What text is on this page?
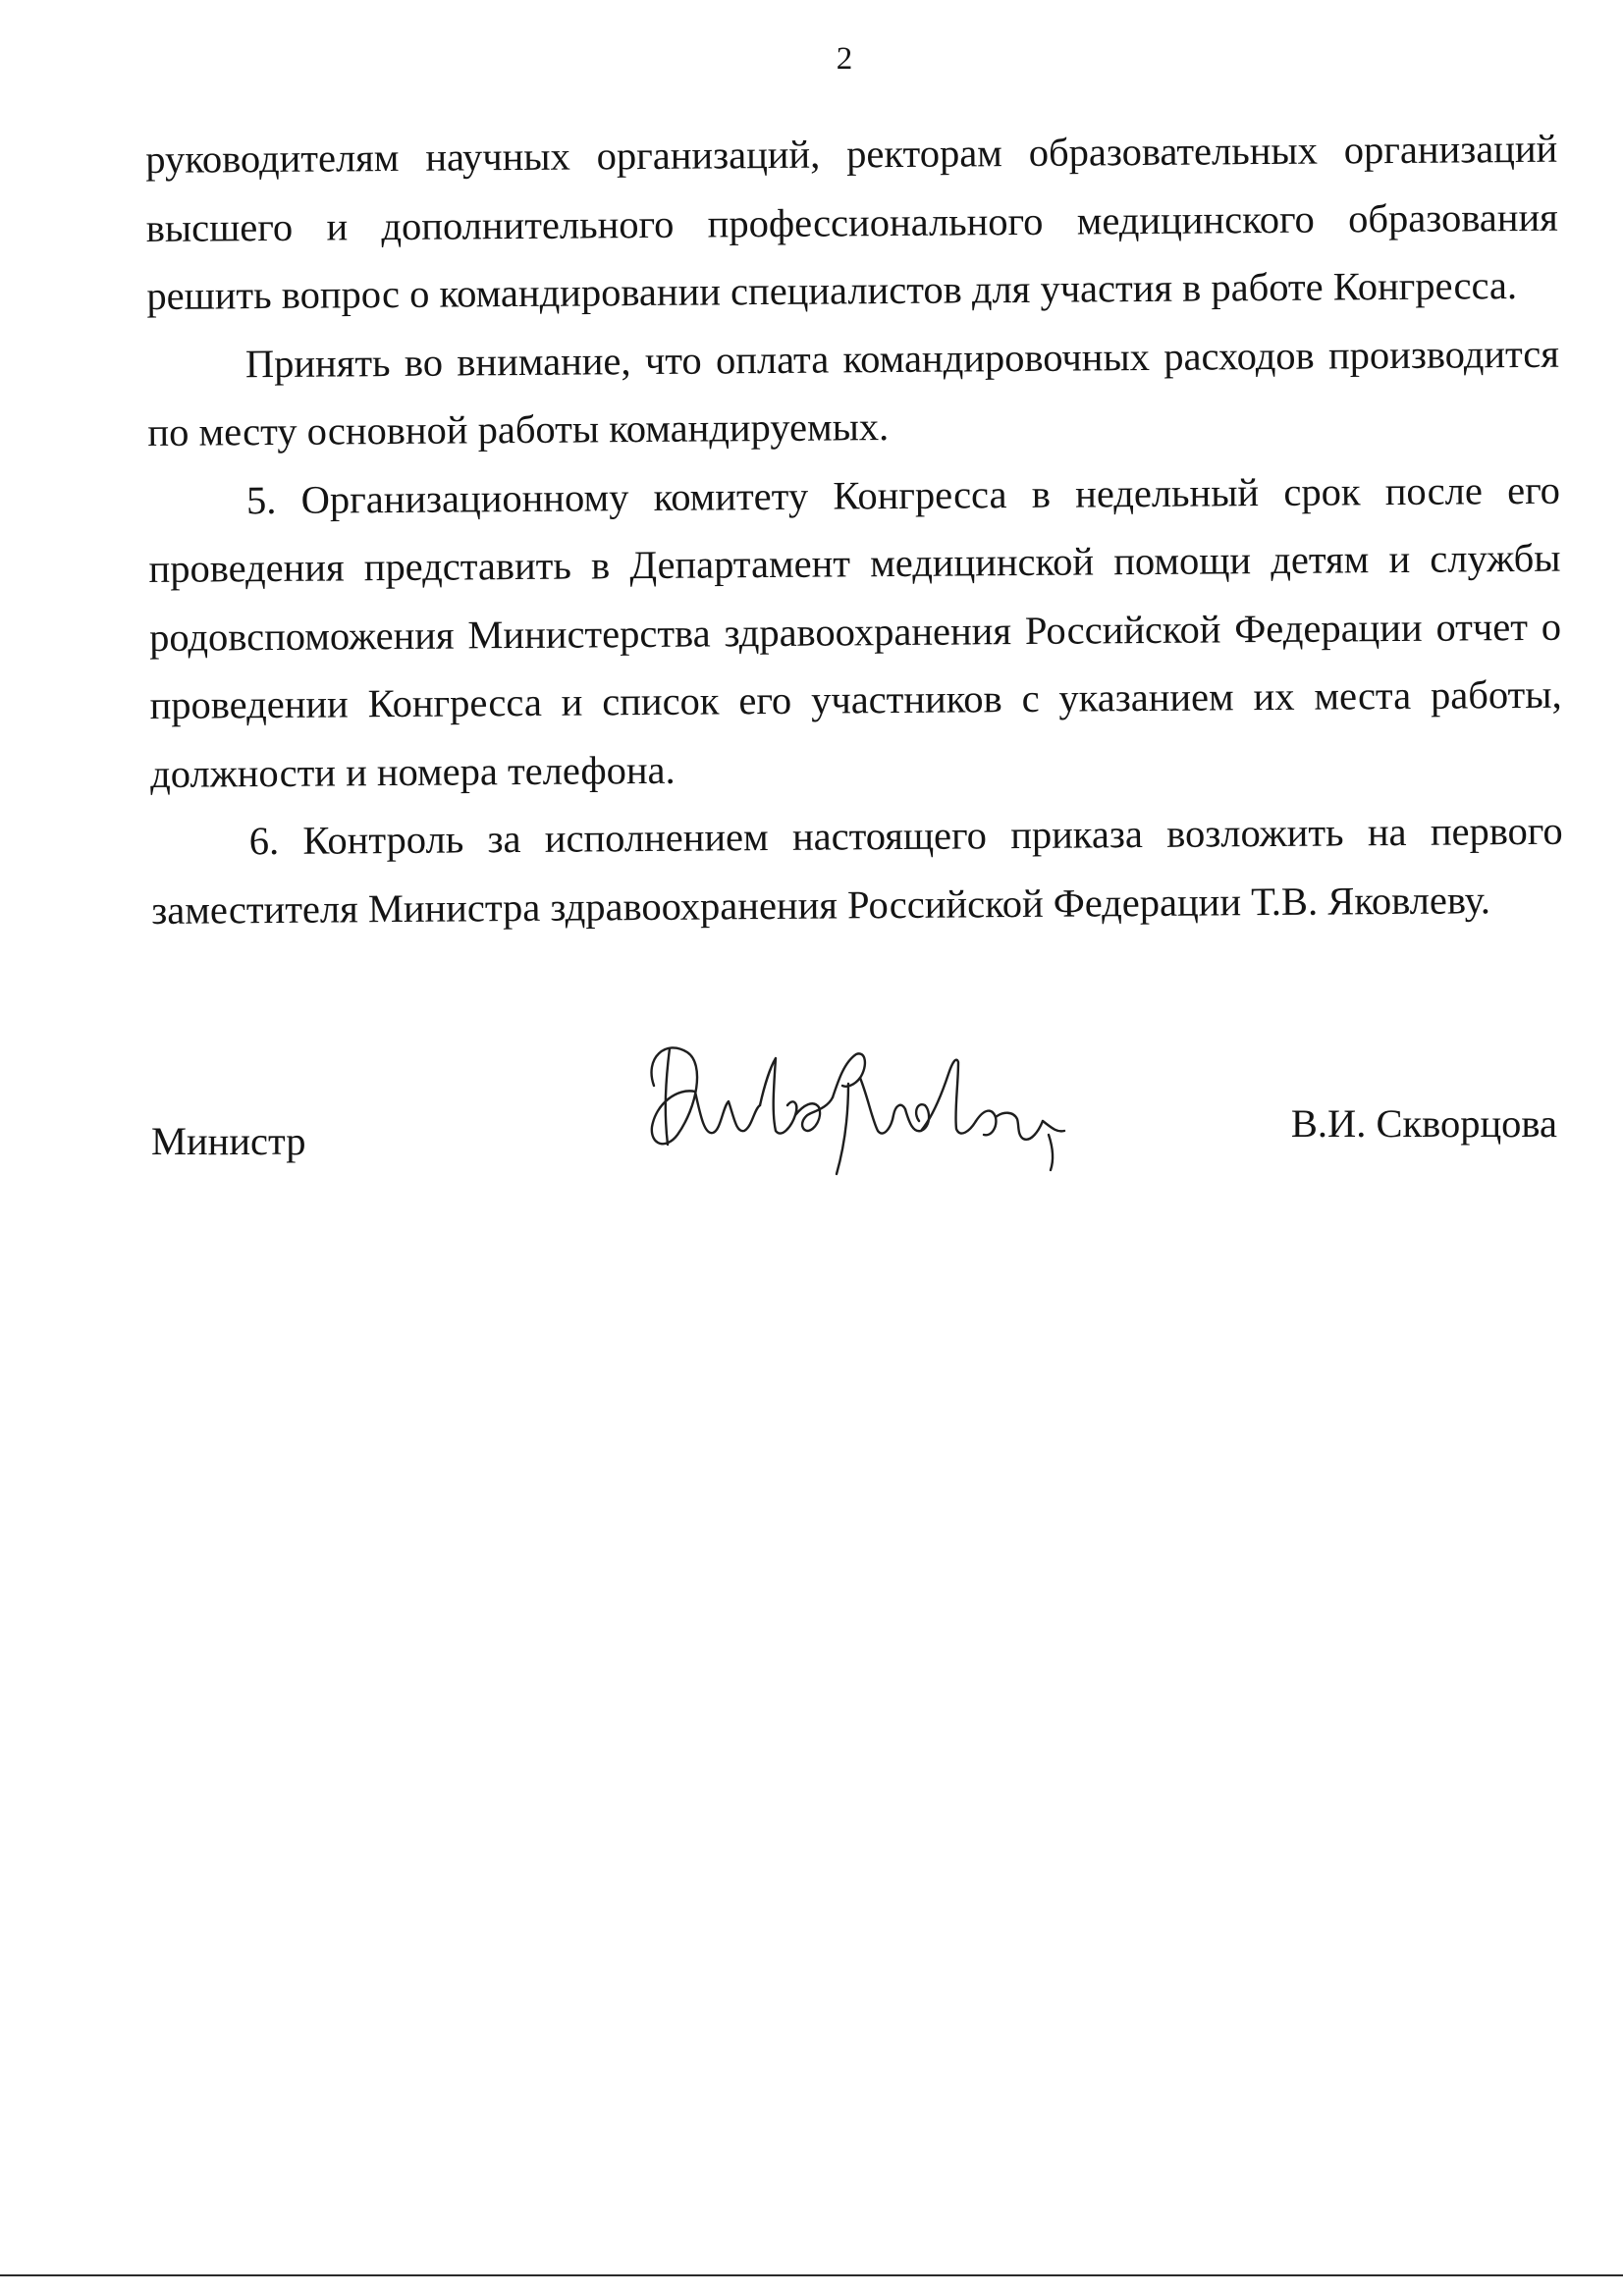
2

руководителям научных организаций, ректорам образовательных организаций высшего и дополнительного профессионального медицинского образования решить вопрос о командировании специалистов для участия в работе Конгресса.

Принять во внимание, что оплата командировочных расходов производится по месту основной работы командируемых.

5. Организационному комитету Конгресса в недельный срок после его проведения представить в Департамент медицинской помощи детям и службы родовспоможения Министерства здравоохранения Российской Федерации отчет о проведении Конгресса и список его участников с указанием их места работы, должности и номера телефона.

6. Контроль за исполнением настоящего приказа возложить на первого заместителя Министра здравоохранения Российской Федерации Т.В. Яковлеву.

Министр	В.И. Скворцова
